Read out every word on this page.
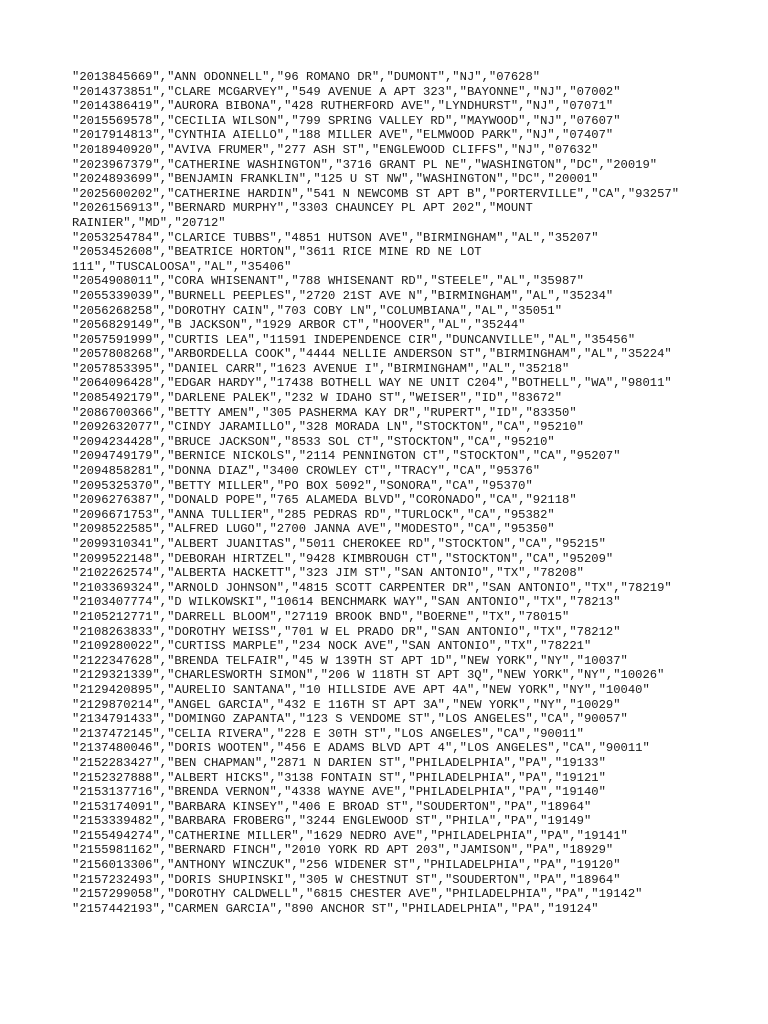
"2013845669","ANN ODONNELL","96 ROMANO DR","DUMONT","NJ","07628"
"2014373851","CLARE MCGARVEY","549 AVENUE A APT 323","BAYONNE","NJ","07002"
"2014386419","AURORA BIBONA","428 RUTHERFORD AVE","LYNDHURST","NJ","07071"
"2015569578","CECILIA WILSON","799 SPRING VALLEY RD","MAYWOOD","NJ","07607"
"2017914813","CYNTHIA AIELLO","188 MILLER AVE","ELMWOOD PARK","NJ","07407"
"2018940920","AVIVA FRUMER","277 ASH ST","ENGLEWOOD CLIFFS","NJ","07632"
"2023967379","CATHERINE WASHINGTON","3716 GRANT PL NE","WASHINGTON","DC","20019"
"2024893699","BENJAMIN FRANKLIN","125 U ST NW","WASHINGTON","DC","20001"
"2025600202","CATHERINE HARDIN","541 N NEWCOMB ST APT B","PORTERVILLE","CA","93257"
"2026156913","BERNARD MURPHY","3303 CHAUNCEY PL APT 202","MOUNT
RAINIER","MD","20712"
"2053254784","CLARICE TUBBS","4851 HUTSON AVE","BIRMINGHAM","AL","35207"
"2053452608","BEATRICE HORTON","3611 RICE MINE RD NE LOT
111","TUSCALOOSA","AL","35406"
"2054908011","CORA WHISENANT","788 WHISENANT RD","STEELE","AL","35987"
"2055339039","BURNELL PEEPLES","2720 21ST AVE N","BIRMINGHAM","AL","35234"
"2056268258","DOROTHY CAIN","703 COBY LN","COLUMBIANA","AL","35051"
"2056829149","B JACKSON","1929 ARBOR CT","HOOVER","AL","35244"
"2057591999","CURTIS LEA","11591 INDEPENDENCE CIR","DUNCANVILLE","AL","35456"
"2057808268","ARBORDELLA COOK","4444 NELLIE ANDERSON ST","BIRMINGHAM","AL","35224"
"2057853395","DANIEL CARR","1623 AVENUE I","BIRMINGHAM","AL","35218"
"2064096428","EDGAR HARDY","17438 BOTHELL WAY NE UNIT C204","BOTHELL","WA","98011"
"2085492179","DARLENE PALEK","232 W IDAHO ST","WEISER","ID","83672"
"2086700366","BETTY AMEN","305 PASHERMA KAY DR","RUPERT","ID","83350"
"2092632077","CINDY JARAMILLO","328 MORADA LN","STOCKTON","CA","95210"
"2094234428","BRUCE JACKSON","8533 SOL CT","STOCKTON","CA","95210"
"2094749179","BERNICE NICKOLS","2114 PENNINGTON CT","STOCKTON","CA","95207"
"2094858281","DONNA DIAZ","3400 CROWLEY CT","TRACY","CA","95376"
"2095325370","BETTY MILLER","PO BOX 5092","SONORA","CA","95370"
"2096276387","DONALD POPE","765 ALAMEDA BLVD","CORONADO","CA","92118"
"2096671753","ANNA TULLIER","285 PEDRAS RD","TURLOCK","CA","95382"
"2098522585","ALFRED LUGO","2700 JANNA AVE","MODESTO","CA","95350"
"2099310341","ALBERT JUANITAS","5011 CHEROKEE RD","STOCKTON","CA","95215"
"2099522148","DEBORAH HIRTZEL","9428 KIMBROUGH CT","STOCKTON","CA","95209"
"2102262574","ALBERTA HACKETT","323 JIM ST","SAN ANTONIO","TX","78208"
"2103369324","ARNOLD JOHNSON","4815 SCOTT CARPENTER DR","SAN ANTONIO","TX","78219"
"2103407774","D WILKOWSKI","10614 BENCHMARK WAY","SAN ANTONIO","TX","78213"
"2105212771","DARRELL BLOOM","27119 BROOK BND","BOERNE","TX","78015"
"2108263833","DOROTHY WEISS","701 W EL PRADO DR","SAN ANTONIO","TX","78212"
"2109280022","CURTISS MARPLE","234 NOCK AVE","SAN ANTONIO","TX","78221"
"2122347628","BRENDA TELFAIR","45 W 139TH ST APT 1D","NEW YORK","NY","10037"
"2129321339","CHARLESWORTH SIMON","206 W 118TH ST APT 3Q","NEW YORK","NY","10026"
"2129420895","AURELIO SANTANA","10 HILLSIDE AVE APT 4A","NEW YORK","NY","10040"
"2129870214","ANGEL GARCIA","432 E 116TH ST APT 3A","NEW YORK","NY","10029"
"2134791433","DOMINGO ZAPANTA","123 S VENDOME ST","LOS ANGELES","CA","90057"
"2137472145","CELIA RIVERA","228 E 30TH ST","LOS ANGELES","CA","90011"
"2137480046","DORIS WOOTEN","456 E ADAMS BLVD APT 4","LOS ANGELES","CA","90011"
"2152283427","BEN CHAPMAN","2871 N DARIEN ST","PHILADELPHIA","PA","19133"
"2152327888","ALBERT HICKS","3138 FONTAIN ST","PHILADELPHIA","PA","19121"
"2153137716","BRENDA VERNON","4338 WAYNE AVE","PHILADELPHIA","PA","19140"
"2153174091","BARBARA KINSEY","406 E BROAD ST","SOUDERTON","PA","18964"
"2153339482","BARBARA FROBERG","3244 ENGLEWOOD ST","PHILA","PA","19149"
"2155494274","CATHERINE MILLER","1629 NEDRO AVE","PHILADELPHIA","PA","19141"
"2155981162","BERNARD FINCH","2010 YORK RD APT 203","JAMISON","PA","18929"
"2156013306","ANTHONY WINCZUK","256 WIDENER ST","PHILADELPHIA","PA","19120"
"2157232493","DORIS SHUPINSKI","305 W CHESTNUT ST","SOUDERTON","PA","18964"
"2157299058","DOROTHY CALDWELL","6815 CHESTER AVE","PHILADELPHIA","PA","19142"
"2157442193","CARMEN GARCIA","890 ANCHOR ST","PHILADELPHIA","PA","19124"
